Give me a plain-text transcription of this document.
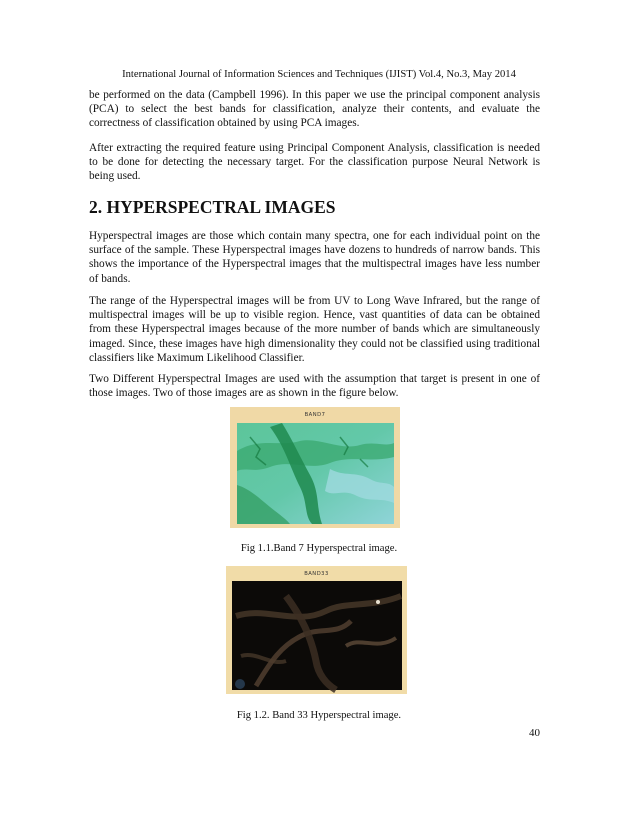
International Journal of Information Sciences and Techniques (IJIST) Vol.4, No.3, May 2014

be performed on the data (Campbell 1996). In this paper we use the principal component analysis (PCA) to select the best bands for classification, analyze their contents, and evaluate the correctness of classification obtained by using PCA images.

After extracting the required feature using Principal Component Analysis, classification is needed to be done for detecting the necessary target. For the classification purpose Neural Network is being used.

2. HYPERSPECTRAL IMAGES

Hyperspectral images are those which contain many spectra, one for each individual point on the surface of the sample. These Hyperspectral images have dozens to hundreds of narrow bands. This shows the importance of the Hyperspectral images that the multispectral images have less number of bands.

The range of the Hyperspectral images will be from UV to Long Wave Infrared, but the range of multispectral images will be up to visible region. Hence, vast quantities of data can be obtained from these Hyperspectral images because of the more number of bands which are simultaneously imaged. Since, these images have high dimensionality they could not be classified using traditional classifiers like Maximum Likelihood Classifier.

Two Different Hyperspectral Images are used with the assumption that target is present in one of those images. Two of those images are as shown in the figure below.

BAND7
Fig 1.1.Band 7 Hyperspectral image.
BAND33
Fig 1.2. Band 33 Hyperspectral image.
40
